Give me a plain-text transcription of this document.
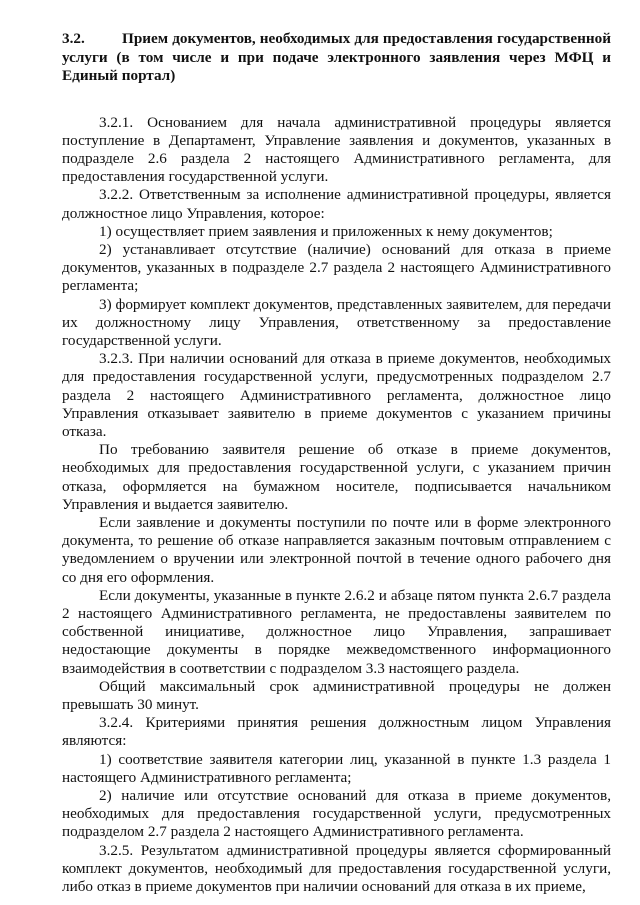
3.2. Прием документов, необходимых для предоставления государственной услуги (в том числе и при подаче электронного заявления через МФЦ и Единый портал)

3.2.1. Основанием для начала административной процедуры является поступление в Департамент, Управление заявления и документов, указанных в подразделе 2.6 раздела 2 настоящего Административного регламента, для предоставления государственной услуги.

3.2.2. Ответственным за исполнение административной процедуры, является должностное лицо Управления, которое:

1) осуществляет прием заявления и приложенных к нему документов;

2) устанавливает отсутствие (наличие) оснований для отказа в приеме документов, указанных в подразделе 2.7 раздела 2 настоящего Административного регламента;

3) формирует комплект документов, представленных заявителем, для передачи их должностному лицу Управления, ответственному за предоставление государственной услуги.

3.2.3. При наличии оснований для отказа в приеме документов, необходимых для предоставления государственной услуги, предусмотренных подразделом 2.7 раздела 2 настоящего Административного регламента, должностное лицо Управления отказывает заявителю в приеме документов с указанием причины отказа.

По требованию заявителя решение об отказе в приеме документов, необходимых для предоставления государственной услуги, с указанием причин отказа, оформляется на бумажном носителе, подписывается начальником Управления и выдается заявителю.

Если заявление и документы поступили по почте или в форме электронного документа, то решение об отказе направляется заказным почтовым отправлением с уведомлением о вручении или электронной почтой в течение одного рабочего дня со дня его оформления.

Если документы, указанные в пункте 2.6.2 и абзаце пятом пункта 2.6.7 раздела 2 настоящего Административного регламента, не предоставлены заявителем по собственной инициативе, должностное лицо Управления, запрашивает недостающие документы в порядке межведомственного информационного взаимодействия в соответствии с подразделом 3.3 настоящего раздела.

Общий максимальный срок административной процедуры не должен превышать 30 минут.

3.2.4. Критериями принятия решения должностным лицом Управления являются:

1) соответствие заявителя категории лиц, указанной в пункте 1.3 раздела 1 настоящего Административного регламента;

2) наличие или отсутствие оснований для отказа в приеме документов, необходимых для предоставления государственной услуги, предусмотренных подразделом 2.7 раздела 2 настоящего Административного регламента.

3.2.5. Результатом административной процедуры является сформированный комплект документов, необходимый для предоставления государственной услуги, либо отказ в приеме документов при наличии оснований для отказа в их приеме,
